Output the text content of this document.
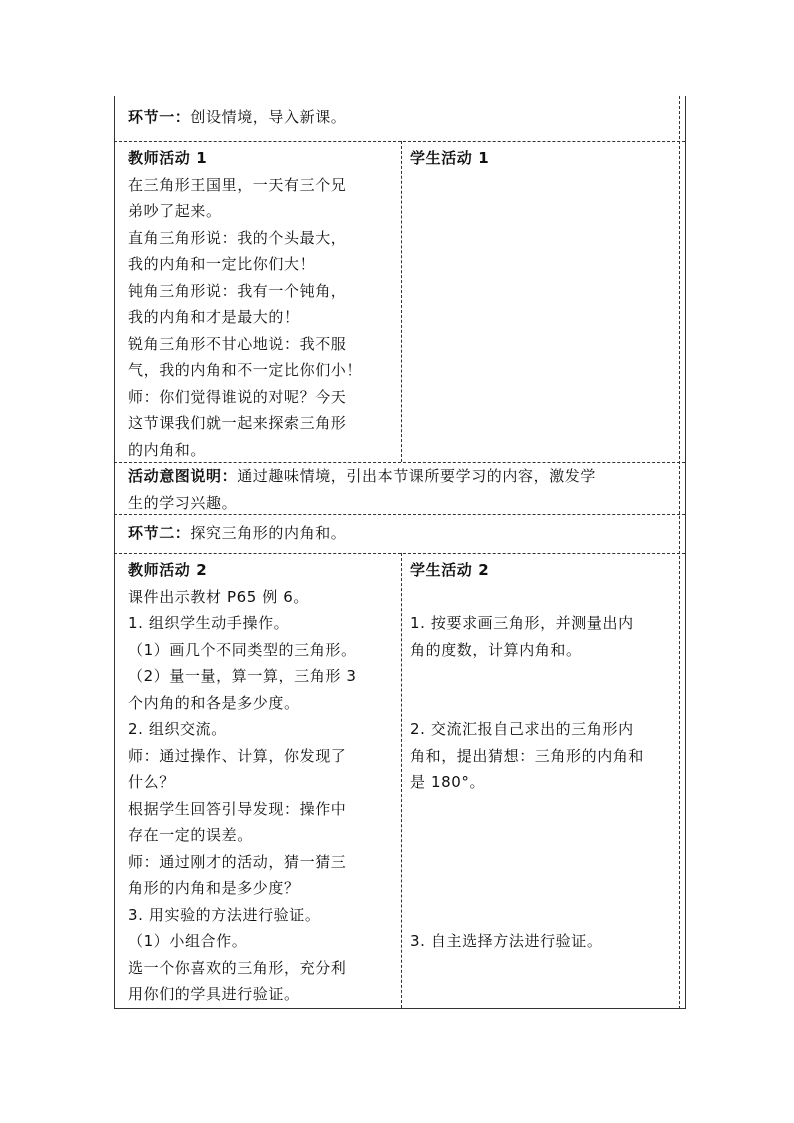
环节一：创设情境，导入新课。

教师活动 1

在三角形王国里，一天有三个兄

弟吵了起来。

直角三角形说：我的个头最大，

我的内角和一定比你们大！

钝角三角形说：我有一个钝角，

我的内角和才是最大的！

锐角三角形不甘心地说：我不服

气，我的内角和不一定比你们小！

师：你们觉得谁说的对呢？今天

这节课我们就一起来探索三角形

的内角和。

学生活动 1

活动意图说明：通过趣味情境，引出本节课所要学习的内容，激发学

生的学习兴趣。

环节二：探究三角形的内角和。

教师活动 2

课件出示教材 P65 例 6。

1. 组织学生动手操作。

（1）画几个不同类型的三角形。

（2）量一量，算一算，三角形 3

个内角的和各是多少度。

2. 组织交流。

师：通过操作、计算，你发现了

什么？

根据学生回答引导发现：操作中

存在一定的误差。

师：通过刚才的活动，猜一猜三

角形的内角和是多少度？

3. 用实验的方法进行验证。

（1）小组合作。

选一个你喜欢的三角形，充分利

用你们的学具进行验证。

学生活动 2

1. 按要求画三角形，并测量出内

角的度数，计算内角和。

2. 交流汇报自己求出的三角形内

角和，提出猜想：三角形的内角和

是 180°。

3. 自主选择方法进行验证。
